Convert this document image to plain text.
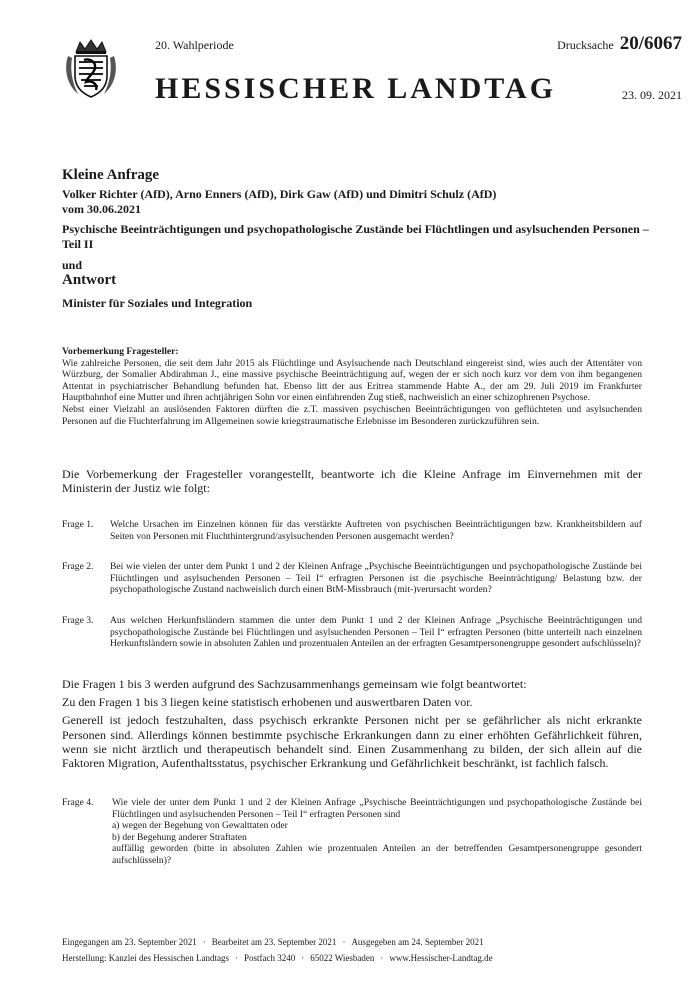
20. Wahlperiode	Drucksache 20/6067
HESSISCHER LANDTAG	23. 09. 2021
Kleine Anfrage
Volker Richter (AfD), Arno Enners (AfD), Dirk Gaw (AfD) und Dimitri Schulz (AfD)
vom 30.06.2021
Psychische Beeinträchtigungen und psychopathologische Zustände bei Flüchtlingen und asylsuchenden Personen – Teil II
und
Antwort
Minister für Soziales und Integration
Vorbemerkung Fragesteller:
Wie zahlreiche Personen, die seit dem Jahr 2015 als Flüchtlinge und Asylsuchende nach Deutschland eingereist sind, wies auch der Attentäter von Würzburg, der Somalier Abdirahman J., eine massive psychische Beeinträchtigung auf, wegen der er sich noch kurz vor dem von ihm begangenen Attentat in psychiatrischer Behandlung befunden hat. Ebenso litt der aus Eritrea stammende Habte A., der am 29. Juli 2019 im Frankfurter Hauptbahnhof eine Mutter und ihren achtjährigen Sohn vor einen einfahrenden Zug stieß, nachweislich an einer schizophrenen Psychose.
Nebst einer Vielzahl an auslösenden Faktoren dürften die z.T. massiven psychischen Beeinträchtigungen von geflüchteten und asylsuchenden Personen auf die Fluchterfahrung im Allgemeinen sowie kriegstraumatische Erlebnisse im Besonderen zurückzuführen sein.
Die Vorbemerkung der Fragesteller vorangestellt, beantworte ich die Kleine Anfrage im Einvernehmen mit der Ministerin der Justiz wie folgt:
Frage 1. Welche Ursachen im Einzelnen können für das verstärkte Auftreten von psychischen Beeinträchtigungen bzw. Krankheitsbildern auf Seiten von Personen mit Fluchthintergrund/asylsuchenden Personen ausgemacht werden?
Frage 2. Bei wie vielen der unter dem Punkt 1 und 2 der Kleinen Anfrage „Psychische Beeinträchtigungen und psychopathologische Zustände bei Flüchtlingen und asylsuchenden Personen – Teil I“ erfragten Personen ist die psychische Beeinträchtigung/ Belastung bzw. der psychopathologische Zustand nachweislich durch einen BtM-Missbrauch (mit-)verursacht worden?
Frage 3. Aus welchen Herkunftsländern stammen die unter dem Punkt 1 und 2 der Kleinen Anfrage „Psychische Beeinträchtigungen und psychopathologische Zustände bei Flüchtlingen und asylsuchenden Personen – Teil I“ erfragten Personen (bitte unterteilt nach einzelnen Herkunftsländern sowie in absoluten Zahlen und prozentualen Anteilen an der erfragten Gesamtpersonengruppe gesondert aufschlüsseln)?

Die Fragen 1 bis 3 werden aufgrund des Sachzusammenhangs gemeinsam wie folgt beantwortet:

Zu den Fragen 1 bis 3 liegen keine statistisch erhobenen und auswertbaren Daten vor.

Generell ist jedoch festzuhalten, dass psychisch erkrankte Personen nicht per se gefährlicher als nicht erkrankte Personen sind. Allerdings können bestimmte psychische Erkrankungen dann zu einer erhöhten Gefährlichkeit führen, wenn sie nicht ärztlich und therapeutisch behandelt sind. Einen Zusammenhang zu bilden, der sich allein auf die Faktoren Migration, Aufenthaltsstatus, psychischer Erkrankung und Gefährlichkeit beschränkt, ist fachlich falsch.

Frage 4. Wie viele der unter dem Punkt 1 und 2 der Kleinen Anfrage „Psychische Beeinträchtigungen und psychopathologische Zustände bei Flüchtlingen und asylsuchenden Personen – Teil I“ erfragten Personen sind
a) wegen der Begehung von Gewalttaten oder
b) der Begehung anderer Straftaten
auffällig geworden (bitte in absoluten Zahlen wie prozentualen Anteilen an der betreffenden Gesamtpersonengruppe gesondert aufschlüsseln)?
Eingegangen am 23. September 2021 · Bearbeitet am 23. September 2021 · Ausgegeben am 24. September 2021
Herstellung: Kanzlei des Hessischen Landtags · Postfach 3240 · 65022 Wiesbaden · www.Hessischer-Landtag.de
